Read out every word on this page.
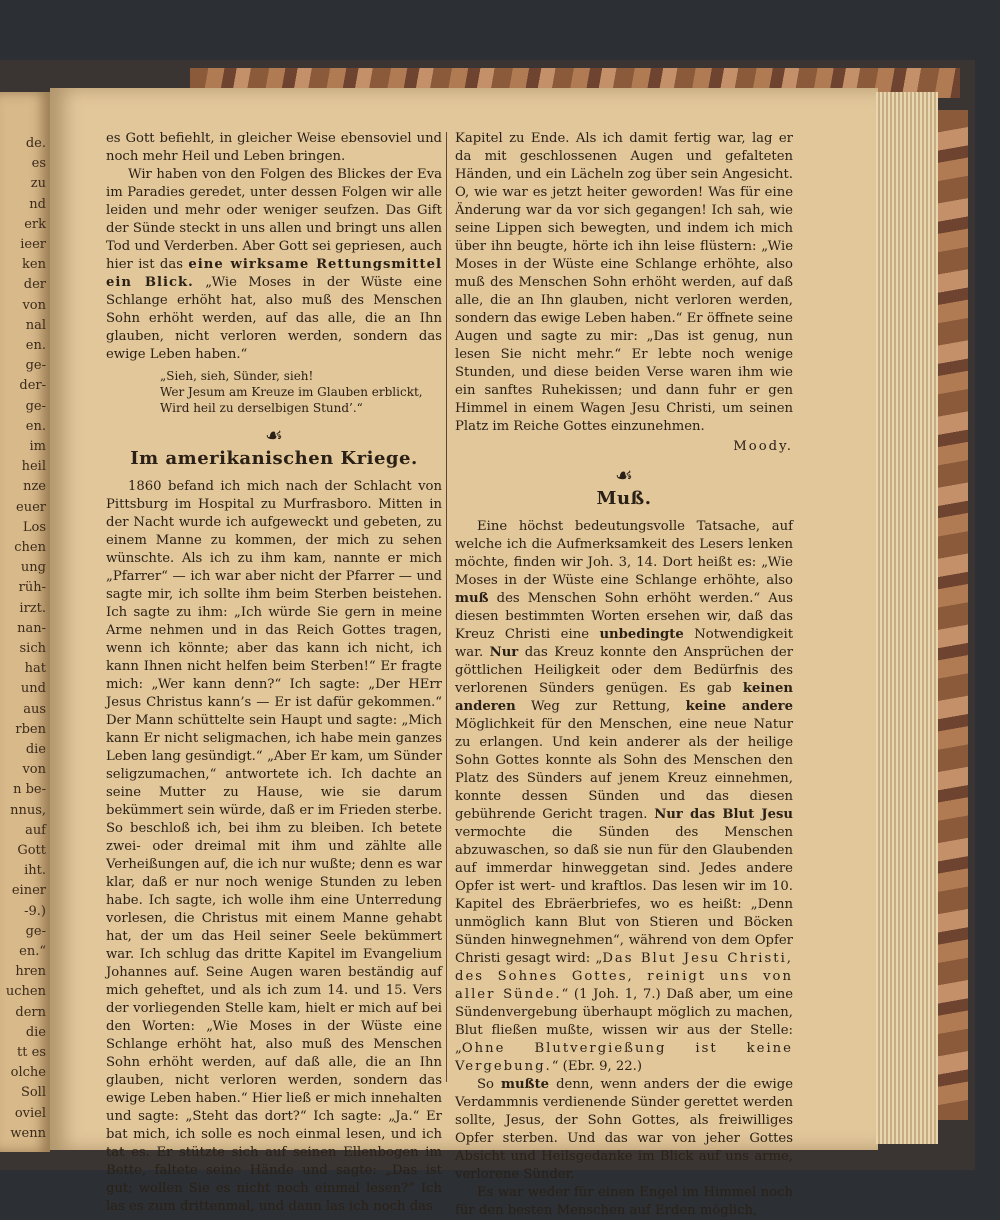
de.
es
zu
nd
erk
ieer
ken
der
von
nal
en.
ge-
der-
ge-
en.
im
heil
nze
euer
Los
chen
ung
rüh-
irzt.
nan-
sich
hat
und
aus
rben
die
von
n be-
nnus,
auf
Gott
iht.
einer
-9.)
ge-
en.“
hren
uchen
dern
die
tt es
olche
Soll
oviel
wenn

es Gott befiehlt, in gleicher Weise ebensoviel und noch mehr Heil und Leben bringen.

Wir haben von den Folgen des Blickes der Eva im Paradies geredet, unter dessen Folgen wir alle leiden und mehr oder weniger seufzen. Das Gift der Sünde steckt in uns allen und bringt uns allen Tod und Verderben. Aber Gott sei gepriesen, auch hier ist das eine wirksame Rettungsmittel ein Blick. „Wie Moses in der Wüste eine Schlange erhöht hat, also muß des Menschen Sohn erhöht werden, auf das alle, die an Ihn glauben, nicht verloren werden, sondern das ewige Leben haben.“

„Sieh, sieh, Sünder, sieh!
Wer Jesum am Kreuze im Glauben erblickt,
Wird heil zu derselbigen Stund’.“
☙
Im amerikanischen Kriege.

1860 befand ich mich nach der Schlacht von Pittsburg im Hospital zu Murfrasboro. Mitten in der Nacht wurde ich aufgeweckt und gebeten, zu einem Manne zu kommen, der mich zu sehen wünschte. Als ich zu ihm kam, nannte er mich „Pfarrer“ — ich war aber nicht der Pfarrer — und sagte mir, ich sollte ihm beim Sterben beistehen. Ich sagte zu ihm: „Ich würde Sie gern in meine Arme nehmen und in das Reich Gottes tragen, wenn ich könnte; aber das kann ich nicht, ich kann Ihnen nicht helfen beim Sterben!“ Er fragte mich: „Wer kann denn?“ Ich sagte: „Der HErr Jesus Christus kann’s — Er ist dafür gekommen.“ Der Mann schüttelte sein Haupt und sagte: „Mich kann Er nicht seligmachen, ich habe mein ganzes Leben lang gesündigt.“ „Aber Er kam, um Sünder seligzumachen,“ antwortete ich. Ich dachte an seine Mutter zu Hause, wie sie darum bekümmert sein würde, daß er im Frieden sterbe. So beschloß ich, bei ihm zu bleiben. Ich betete zwei- oder dreimal mit ihm und zählte alle Verheißungen auf, die ich nur wußte; denn es war klar, daß er nur noch wenige Stunden zu leben habe. Ich sagte, ich wolle ihm eine Unterredung vorlesen, die Christus mit einem Manne gehabt hat, der um das Heil seiner Seele bekümmert war. Ich schlug das dritte Kapitel im Evangelium Johannes auf. Seine Augen waren beständig auf mich geheftet, und als ich zum 14. und 15. Vers der vorliegenden Stelle kam, hielt er mich auf bei den Worten: „Wie Moses in der Wüste eine Schlange erhöht hat, also muß des Menschen Sohn erhöht werden, auf daß alle, die an Ihn glauben, nicht verloren werden, sondern das ewige Leben haben.“ Hier ließ er mich innehalten und sagte: „Steht das dort?“ Ich sagte: „Ja.“ Er bat mich, ich solle es noch einmal lesen, und ich tat es. Er stützte sich auf seinen Ellenbogen im Bette, faltete seine Hände und sagte: „Das ist gut; wollen Sie es nicht noch einmal lesen?“ Ich las es zum drittenmal, und dann las ich noch das

Kapitel zu Ende. Als ich damit fertig war, lag er da mit geschlossenen Augen und gefalteten Händen, und ein Lächeln zog über sein Angesicht. O, wie war es jetzt heiter geworden! Was für eine Änderung war da vor sich gegangen! Ich sah, wie seine Lippen sich bewegten, und indem ich mich über ihn beugte, hörte ich ihn leise flüstern: „Wie Moses in der Wüste eine Schlange erhöhte, also muß des Menschen Sohn erhöht werden, auf daß alle, die an Ihn glauben, nicht verloren werden, sondern das ewige Leben haben.“ Er öffnete seine Augen und sagte zu mir: „Das ist genug, nun lesen Sie nicht mehr.“ Er lebte noch wenige Stunden, und diese beiden Verse waren ihm wie ein sanftes Ruhekissen; und dann fuhr er gen Himmel in einem Wagen Jesu Christi, um seinen Platz im Reiche Gottes einzunehmen.

Moody.
☙
Muß.

Eine höchst bedeutungsvolle Tatsache, auf welche ich die Aufmerksamkeit des Lesers lenken möchte, finden wir Joh. 3, 14. Dort heißt es: „Wie Moses in der Wüste eine Schlange erhöhte, also muß des Menschen Sohn erhöht werden.“ Aus diesen bestimmten Worten ersehen wir, daß das Kreuz Christi eine unbedingte Notwendigkeit war. Nur das Kreuz konnte den Ansprüchen der göttlichen Heiligkeit oder dem Bedürfnis des verlorenen Sünders genügen. Es gab keinen anderen Weg zur Rettung, keine andere Möglichkeit für den Menschen, eine neue Natur zu erlangen. Und kein anderer als der heilige Sohn Gottes konnte als Sohn des Menschen den Platz des Sünders auf jenem Kreuz einnehmen, konnte dessen Sünden und das diesen gebührende Gericht tragen. Nur das Blut Jesu vermochte die Sünden des Menschen abzuwaschen, so daß sie nun für den Glaubenden auf immerdar hinweggetan sind. Jedes andere Opfer ist wert- und kraftlos. Das lesen wir im 10. Kapitel des Ebräerbriefes, wo es heißt: „Denn unmöglich kann Blut von Stieren und Böcken Sünden hinwegnehmen“, während von dem Opfer Christi gesagt wird: „Das Blut Jesu Christi, des Sohnes Gottes, reinigt uns von aller Sünde.“ (1 Joh. 1, 7.) Daß aber, um eine Sündenvergebung überhaupt möglich zu machen, Blut fließen mußte, wissen wir aus der Stelle: „Ohne Blutvergießung ist keine Vergebung.“ (Ebr. 9, 22.)

So mußte denn, wenn anders der die ewige Verdammnis verdienende Sünder gerettet werden sollte, Jesus, der Sohn Gottes, als freiwilliges Opfer sterben. Und das war von jeher Gottes Absicht und Heilsgedanke im Blick auf uns arme, verlorene Sünder.

Es war weder für einen Engel im Himmel noch für den besten Menschen auf Erden möglich,
